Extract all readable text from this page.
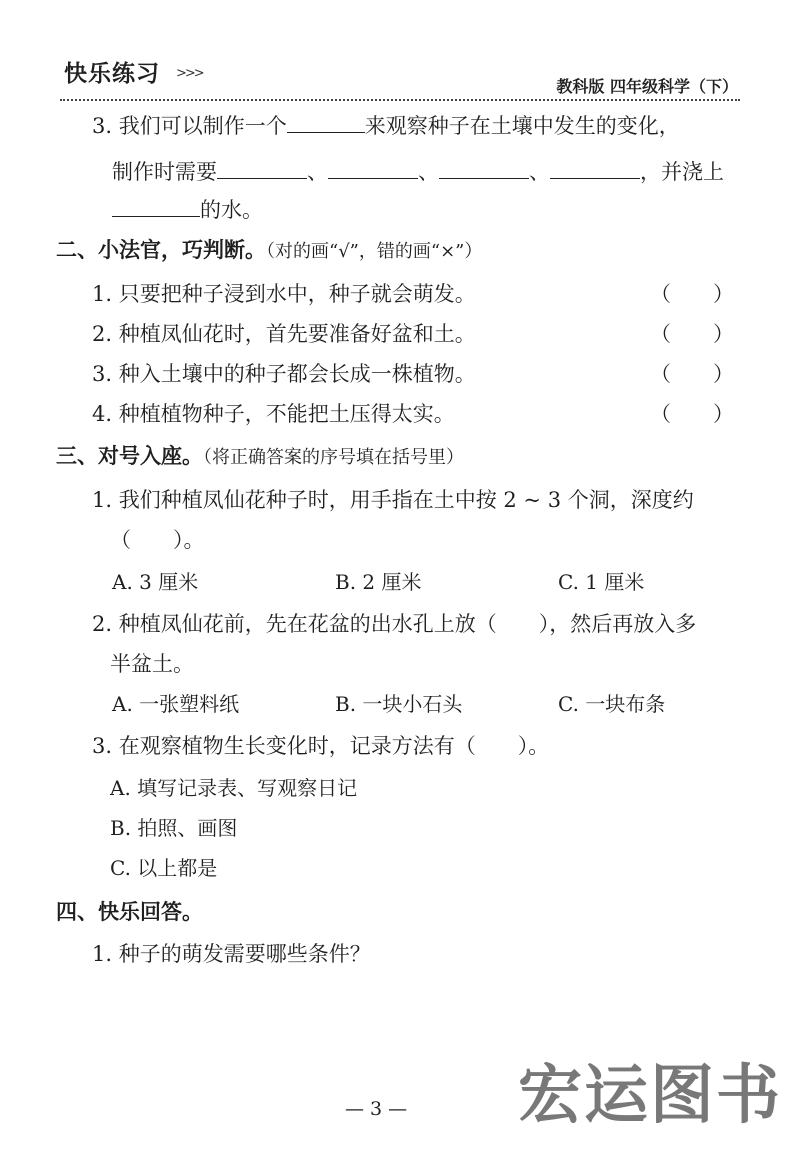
快乐练习 >>>
教科版 四年级科学（下）
3. 我们可以制作一个	来观察种子在土壤中发生的变化，
制作时需要	、	、	、	，并浇上
的水。
二、小法官，巧判断。（对的画“√”，错的画“×”）
1. 只要把种子浸到水中，种子就会萌发。	（　　）
2. 种植凤仙花时，首先要准备好盆和土。	（　　）
3. 种入土壤中的种子都会长成一株植物。	（　　）
4. 种植植物种子，不能把土压得太实。	（　　）
三、对号入座。（将正确答案的序号填在括号里）
1. 我们种植凤仙花种子时，用手指在土中按 2 ~ 3 个洞，深度约
（　　）。
A. 3 厘米	B. 2 厘米	C. 1 厘米
2. 种植凤仙花前，先在花盆的出水孔上放（　　），然后再放入多
半盆土。
A. 一张塑料纸	B. 一块小石头	C. 一块布条
3. 在观察植物生长变化时，记录方法有（　　）。
A. 填写记录表、写观察日记
B. 拍照、画图
C. 以上都是
四、快乐回答。
1. 种子的萌发需要哪些条件？
— 3 — 宏运图书
